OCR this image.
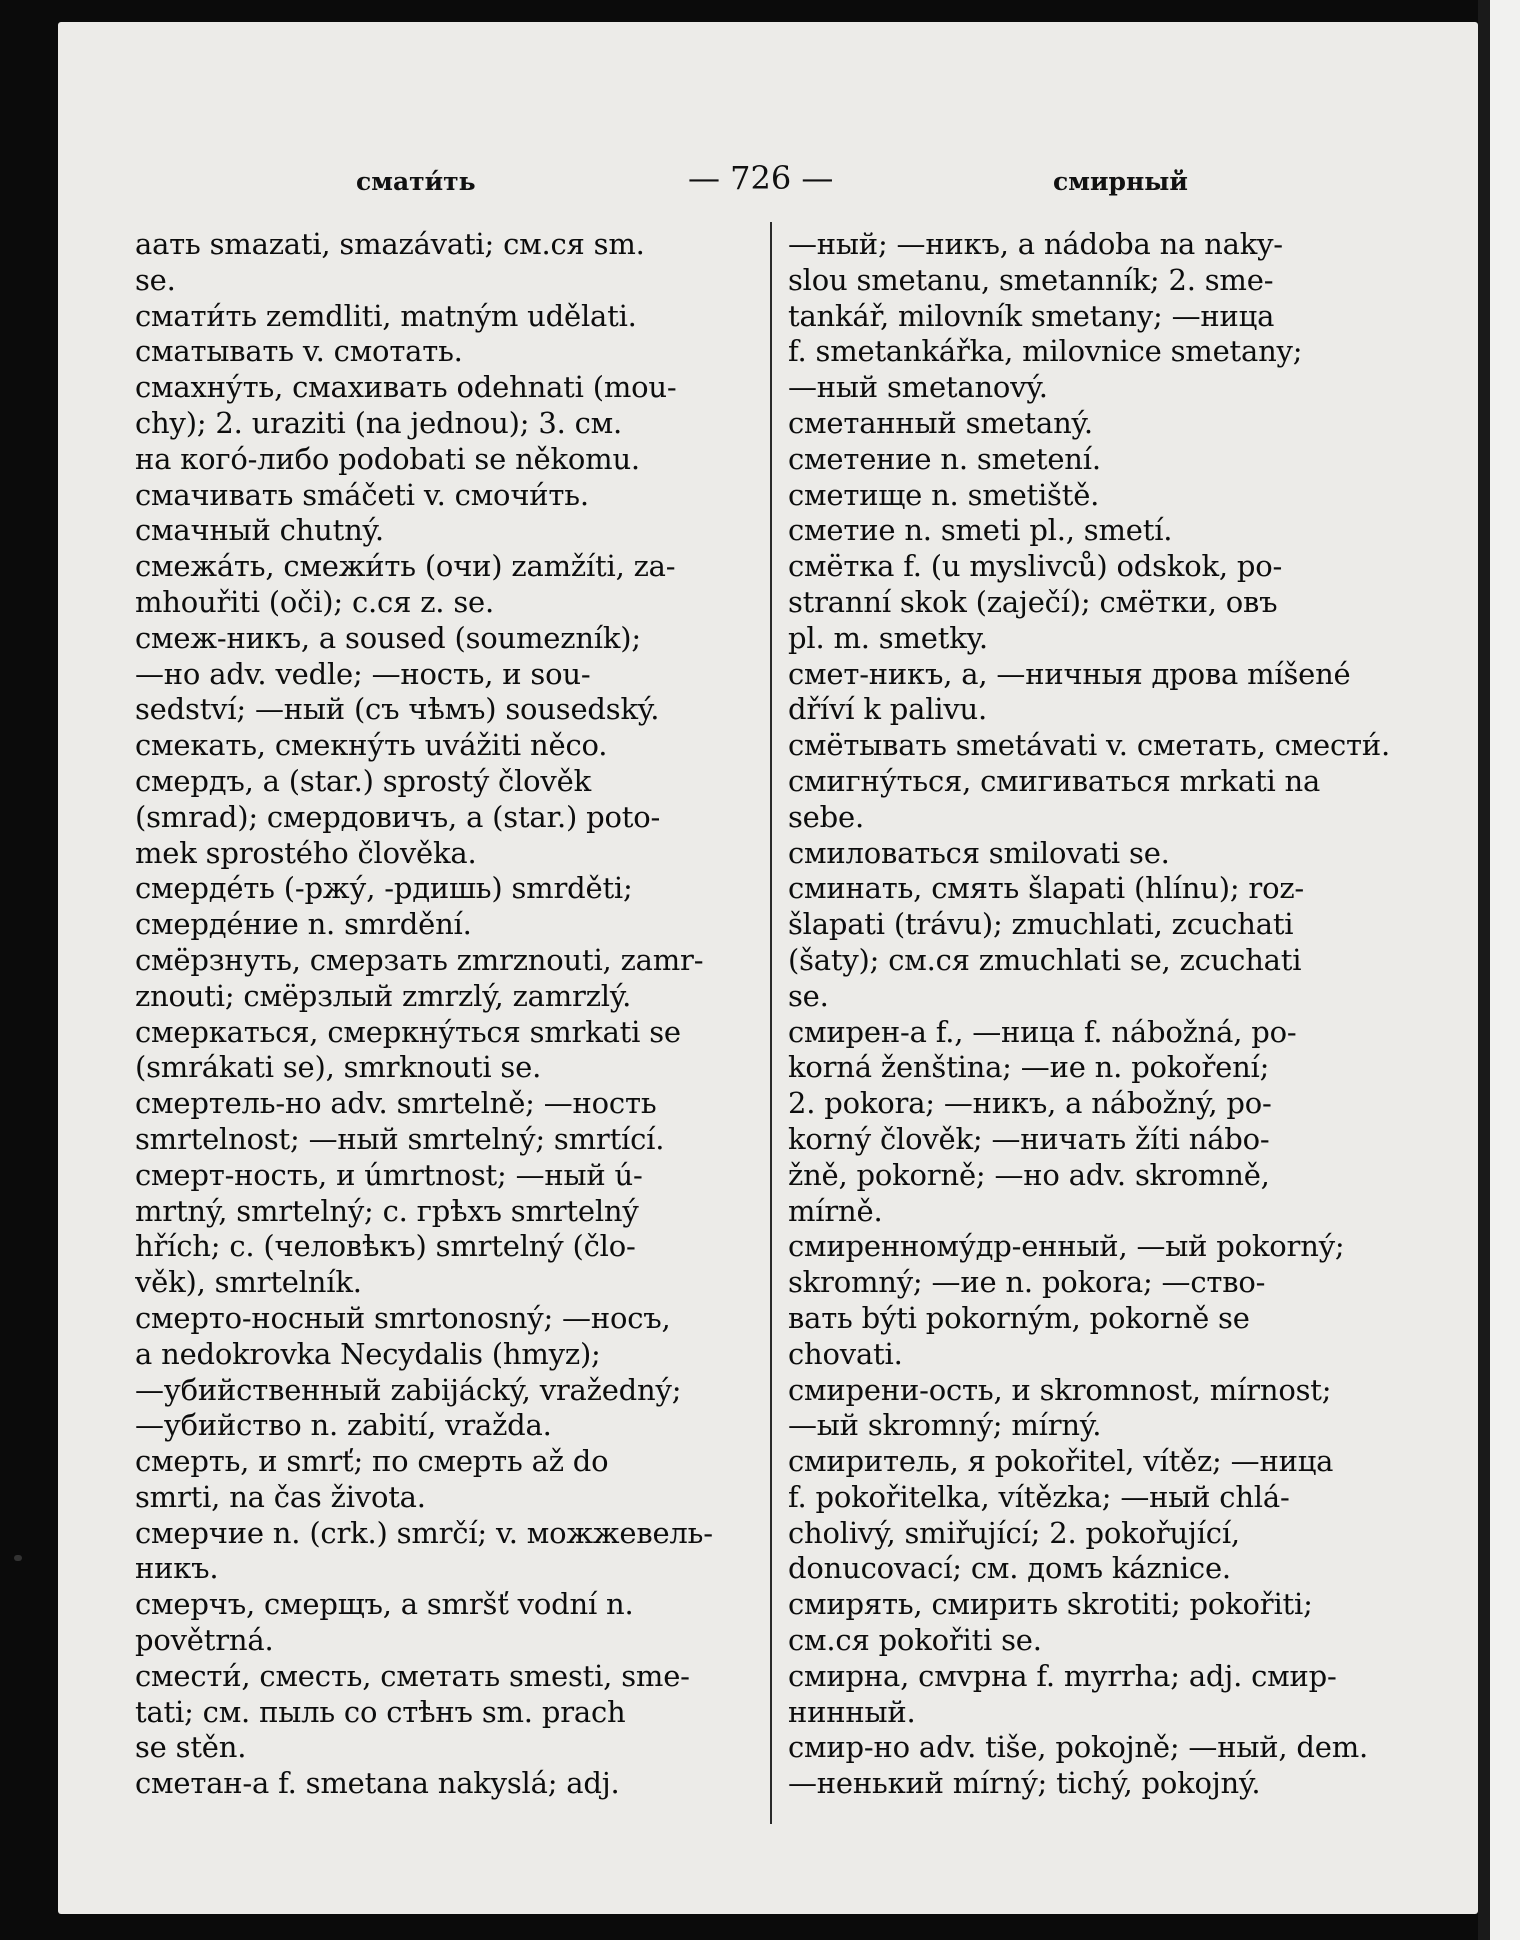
смати́ть	— 726 —	смирный
аать smazati, smazávati; см.ся sm.
se.
смати́ть zemdliti, matným udělati.
сматывать v. смотать.
смахну́ть, смахивать odehnati (mou-
chy); 2. uraziti (na jednou); 3. см.
на кого́-либо podobati se někomu.
смачивать smáčeti v. смочи́ть.
смачный chutný.
смежа́ть, смежи́ть (очи) zamžíti, za-
mhouřiti (oči); с.ся z. se.
смеж-никъ, а soused (soumezník);
—но adv. vedle; —ность, и sou-
sedství; —ный (съ чѣмъ) sousedský.
смекать, смекну́ть uvážiti něco.
смердъ, а (star.) sprostý člověk
(smrad); смердовичъ, а (star.) poto-
mek sprostého člověka.
смерде́ть (-ржу́, -рдишь) smrděti;
смерде́ние n. smrdění.
смёрзнуть, смерзать zmrznouti, zamr-
znouti; смёрзлый zmrzlý, zamrzlý.
смеркаться, смеркну́ться smrkati se
(smrákati se), smrknouti se.
смертель-но adv. smrtelně; —ность
smrtelnost; —ный smrtelný; smrtící.
смерт-ность, и úmrtnost; —ный ú-
mrtný, smrtelný; с. грѣхъ smrtelný
hřích; с. (человѣкъ) smrtelný (člo-
věk), smrtelník.
смерто-носный smrtonosný; —носъ,
а nedokrovka Necydalis (hmyz);
—убийственный zabijácký, vražedný;
—убийство n. zabití, vražda.
смерть, и smrť; по смерть až do
smrti, na čas života.
смерчие n. (crk.) smrčí; v. можжевель-
никъ.
смерчъ, смерщъ, а smršť vodní n.
povětrná.
смести́, сместь, сметать smesti, sme-
tati; см. пыль со стѣнъ sm. prach
se stěn.
сметан-а f. smetana nakyslá; adj.
—ный; —никъ, а nádoba na naky-
slou smetanu, smetanník; 2. sme-
tankář, milovník smetany; —ница
f. smetankářka, milovnice smetany;
—ный smetanový.
сметанный smetaný.
сметение n. smetení.
сметище n. smetiště.
сметие n. smeti pl., smetí.
смётка f. (u myslivců) odskok, po-
stranní skok (zaječí); смётки, овъ
pl. m. smetky.
смет-никъ, а, —ничныя дрова míšené
dříví k palivu.
смётывать smetávati v. сметать, смести́.
смигну́ться, смигиваться mrkati na
sebe.
смиловаться smilovati se.
сминать, смять šlapati (hlínu); roz-
šlapati (trávu); zmuchlati, zcuchati
(šaty); см.ся zmuchlati se, zcuchati
se.
смирен-а f., —ница f. nábožná, po-
korná ženština; —ие n. pokoření;
2. pokora; —никъ, а nábožný, po-
korný člověk; —ничать žíti nábo-
žně, pokorně; —но adv. skromně,
mírně.
смиренному́др-енный, —ый pokorný;
skromný; —ие n. pokora; —ство-
вать býti pokorným, pokorně se
chovati.
смирени-ость, и skromnost, mírnost;
—ый skromný; mírný.
смиритель, я pokořitel, vítěz; —ница
f. pokořitelka, vítězka; —ный chlá-
cholivý, smiřující; 2. pokořující,
donucovací; см. домъ káznice.
смирять, смирить skrotiti; pokořiti;
см.ся pokořiti se.
смирна, смvрна f. myrrha; adj. смир-
нинный.
смир-но adv. tiše, pokojně; —ный, dem.
—ненький mírný; tichý, pokojný.
